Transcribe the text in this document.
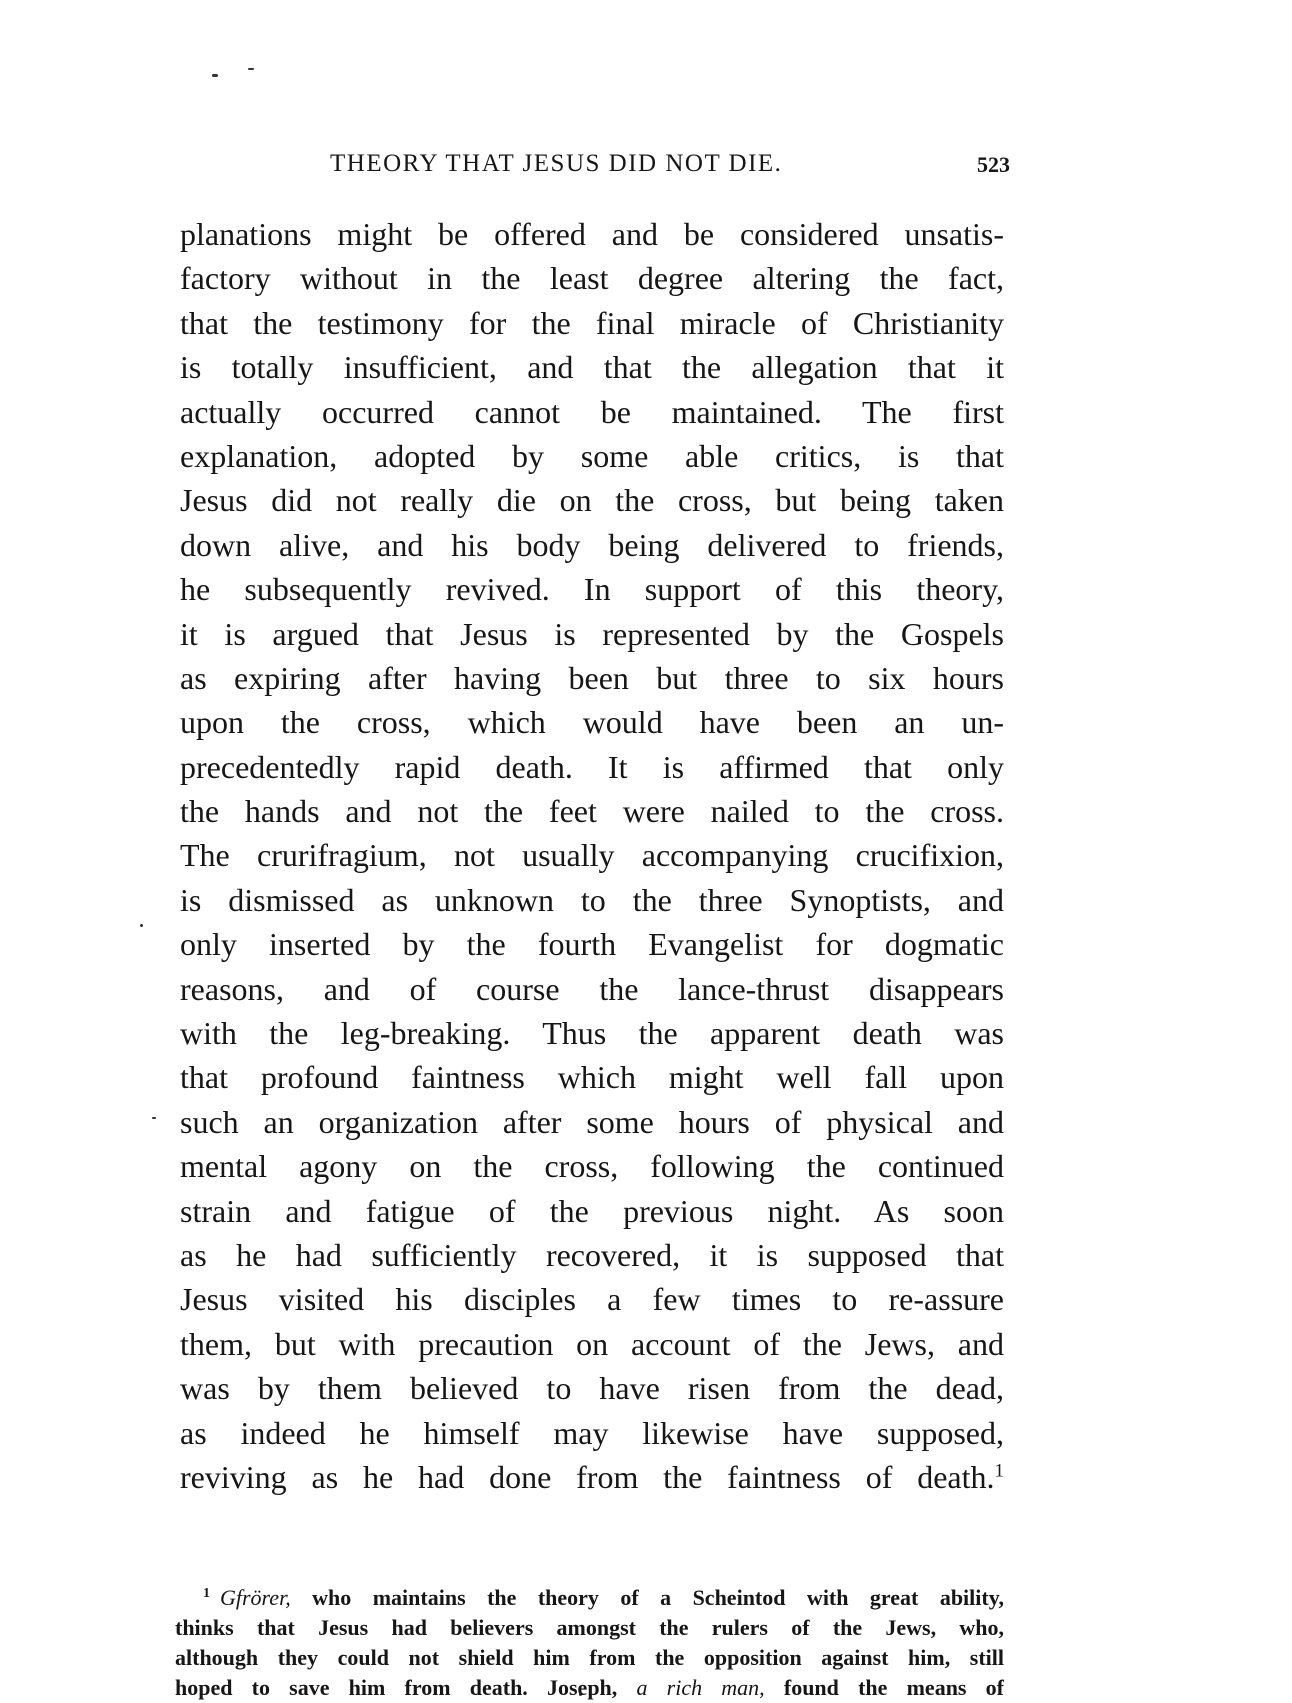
THEORY THAT JESUS DID NOT DIE.	523
planations might be offered and be considered unsatis-
factory without in the least degree altering the fact,
that the testimony for the final miracle of Christianity
is totally insufficient, and that the allegation that it
actually occurred cannot be maintained. The first
explanation, adopted by some able critics, is that
Jesus did not really die on the cross, but being taken
down alive, and his body being delivered to friends,
he subsequently revived. In support of this theory,
it is argued that Jesus is represented by the Gospels
as expiring after having been but three to six hours
upon the cross, which would have been an un-
precedentedly rapid death. It is affirmed that only
the hands and not the feet were nailed to the cross.
The crurifragium, not usually accompanying crucifixion,
is dismissed as unknown to the three Synoptists, and
only inserted by the fourth Evangelist for dogmatic
reasons, and of course the lance-thrust disappears
with the leg-breaking. Thus the apparent death was
that profound faintness which might well fall upon
such an organization after some hours of physical and
mental agony on the cross, following the continued
strain and fatigue of the previous night. As soon
as he had sufficiently recovered, it is supposed that
Jesus visited his disciples a few times to re-assure
them, but with precaution on account of the Jews, and
was by them believed to have risen from the dead,
as indeed he himself may likewise have supposed,
reviving as he had done from the faintness of death.$^1$
$^1$ Gfrörer, who maintains the theory of a Scheintod with great ability,
thinks that Jesus had believers amongst the rulers of the Jews, who,
although they could not shield him from the opposition against him, still
hoped to save him from death. Joseph, a rich man, found the means of
